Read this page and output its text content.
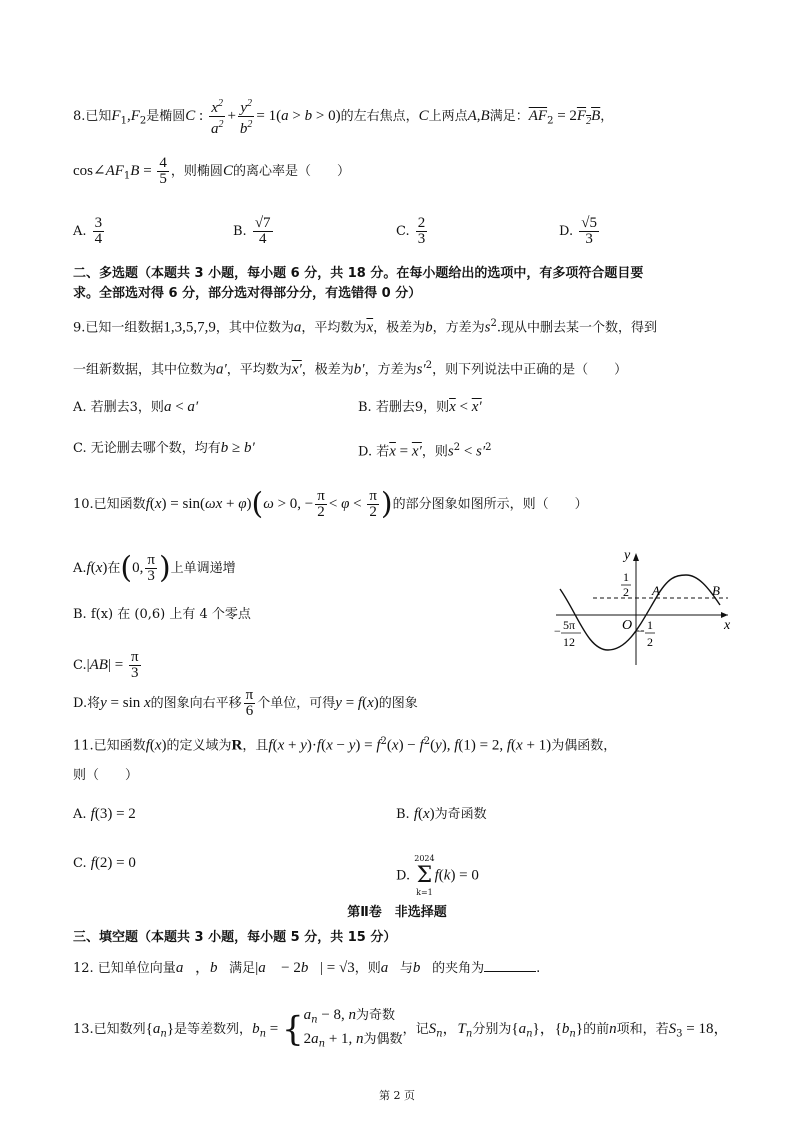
8.已知$F_1,F_2$是椭圆C : $\frac{x^2}{a^2} + \frac{y^2}{b^2} = 1(a > b > 0)$的左右焦点，C上两点A,B满足：$\overline{AF}_2 = 2F_2B$，
$\cos\angle AF_1B = \frac{4}{5}$ ，则椭圆C的离心率是（　　）
A. $\frac{3}{4}$	B. $\frac{√7}{4}$	C. $\frac{2}{3}$	D. $\frac{√5}{3}$
二、多选题（本题共 3 小题，每小题 6 分，共 18 分。在每小题给出的选项中，有多项符合题目要
求。全部选对得 6 分，部分选对得部分分，有选错得 0 分）
9.已知一组数据1,3,5,7,9，其中位数为a，平均数为$\overline{x}$，极差为b，方差为$s^2$.现从中删去某一个数，得到
一组新数据，其中位数为a′，平均数为x′，极差为b′，方差为$s'^2$，则下列说法中正确的是（　　）
A. 若删去3，则a < a′	B. 若删去9，则$\overline{x} < x'$
C. 无论删去哪个数，均有b ≥ b′	D. 若$\overline{x} = x'$，则$s^2 < s'^2$
10.已知函数f(x) = sin(ωx + φ)(ω > 0, − $\frac{\pi}{2} < \varphi < \frac{\pi}{2}$ )的部分图象如图所示，则（　　）
A.f(x)在(0, $\frac{\pi}{3}$ )上单调递增
B. f(x) 在 (0,6) 上有 4 个零点
$C.|AB| = \frac{\pi}{3}$
D.将y = sin x的图象向右平移 $\frac{\pi}{6}$ 个单位，可得y = f(x)的图象
y
x
O
A	B
1
2
− 1
2
− 5π
12
11.已知函数f(x)的定义域为R，且$f(x + y)\cdot f(x - y) = f^2(x) - f^2(y)$, f(1) = 2, f(x + 1)为偶函数，
则（　　）
A. f(3) = 2	B. f(x)为奇函数
C. f(2) = 0
D.
2024
Σ
k=1
f(k) = 0
第Ⅱ卷　非选择题
三、填空题（本题共 3 小题，每小题 5 分，共 15 分）
12. 已知单位向量a⃗，b⃗满足|a⃗ − 2b⃗| = √3，则a⃗与b⃗的夹角为	.
13.已知数列$\{a_n\}$是等差数列，$b_n$ = { $a_n - 8$, n为奇数
$2a_n + 1$, n为偶数
，记$S_n$，$T_n$分别为$\{a_n\}$，$\{b_n\}$的前n项和，若$S_3 = 18$，
第 2 页
